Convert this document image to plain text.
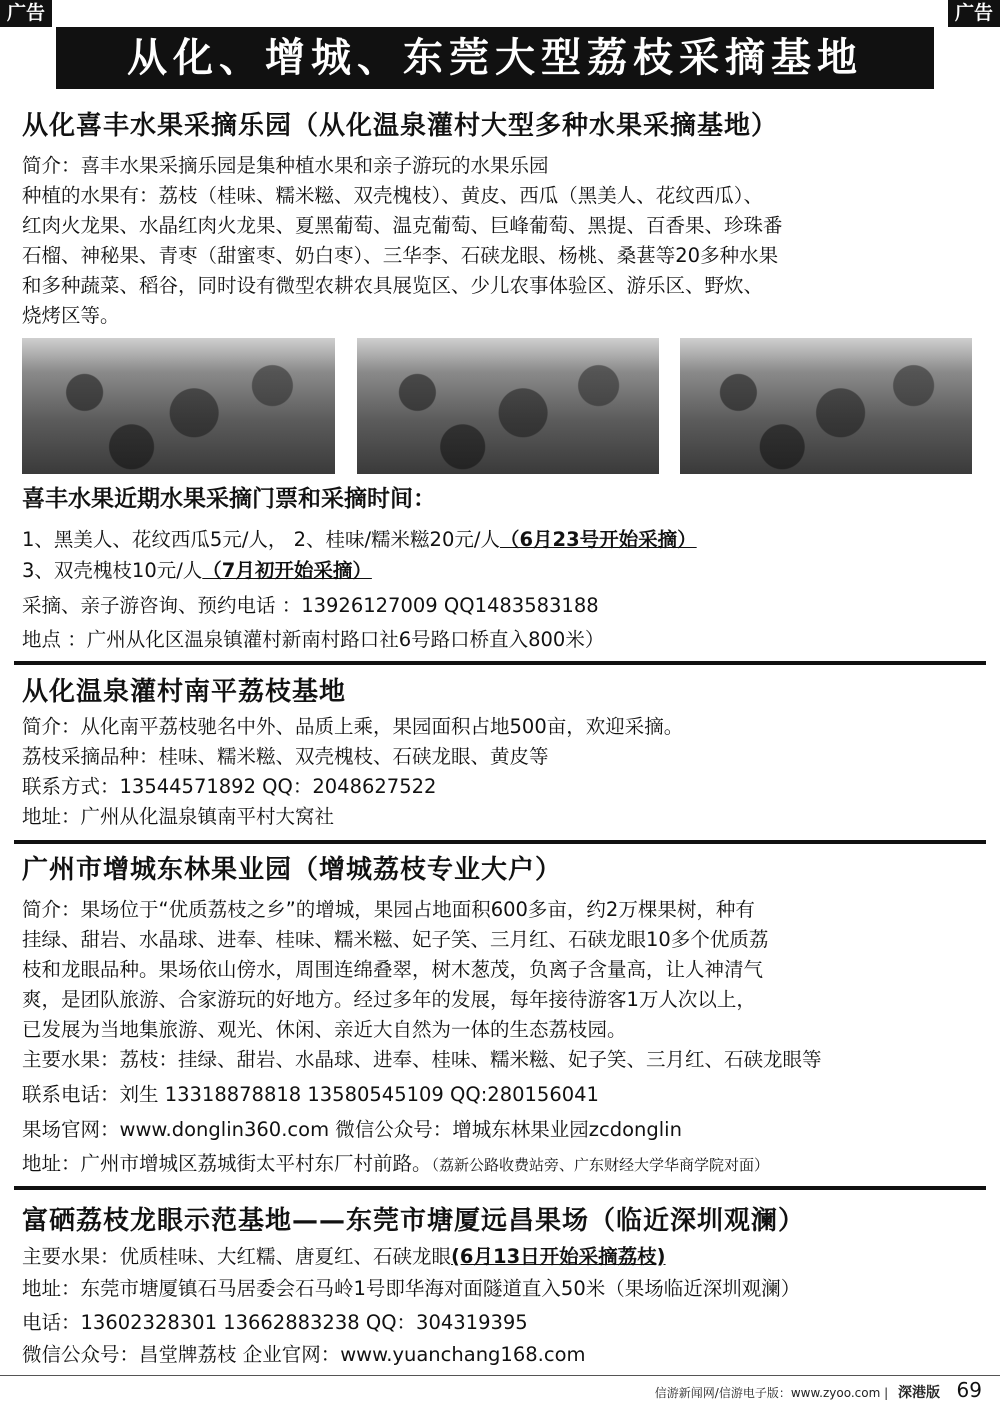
广告	广告
从化、增城、东莞大型荔枝采摘基地
从化喜丰水果采摘乐园（从化温泉灌村大型多种水果采摘基地）
简介：喜丰水果采摘乐园是集种植水果和亲子游玩的水果乐园
种植的水果有：荔枝（桂味、糯米糍、双壳槐枝）、黄皮、西瓜（黑美人、花纹西瓜）、
红肉火龙果、水晶红肉火龙果、夏黑葡萄、温克葡萄、巨峰葡萄、黑提、百香果、珍珠番
石榴、神秘果、青枣（甜蜜枣、奶白枣）、三华李、石硖龙眼、杨桃、桑葚等20多种水果
和多种蔬菜、稻谷，同时设有微型农耕农具展览区、少儿农事体验区、游乐区、野炊、
烧烤区等。
喜丰水果近期水果采摘门票和采摘时间：
1、黑美人、花纹西瓜5元/人， 2、桂味/糯米糍20元/人（6月23号开始采摘）
3、双壳槐枝10元/人（7月初开始采摘）
采摘、亲子游咨询、预约电话 ：13926127009 QQ1483583188
地点 ：广州从化区温泉镇灌村新南村路口社6号路口桥直入800米）
从化温泉灌村南平荔枝基地
简介：从化南平荔枝驰名中外、品质上乘，果园面积占地500亩，欢迎采摘。
荔枝采摘品种：桂味、糯米糍、双壳槐枝、石硖龙眼、黄皮等
联系方式：13544571892 QQ：2048627522
地址：广州从化温泉镇南平村大窝社
广州市增城东林果业园（增城荔枝专业大户）
简介：果场位于“优质荔枝之乡”的增城，果园占地面积600多亩，约2万棵果树，种有
挂绿、甜岩、水晶球、进奉、桂味、糯米糍、妃子笑、三月红、石硖龙眼10多个优质荔
枝和龙眼品种。果场依山傍水，周围连绵叠翠，树木葱茂，负离子含量高，让人神清气
爽，是团队旅游、合家游玩的好地方。经过多年的发展，每年接待游客1万人次以上，
已发展为当地集旅游、观光、休闲、亲近大自然为一体的生态荔枝园。
主要水果：荔枝：挂绿、甜岩、水晶球、进奉、桂味、糯米糍、妃子笑、三月红、石硖龙眼等
联系电话：刘生 13318878818 13580545109 QQ:280156041
果场官网：www.donglin360.com 微信公众号：增城东林果业园zcdonglin
地址：广州市增城区荔城街太平村东厂村前路。（荔新公路收费站旁、广东财经大学华商学院对面）
富硒荔枝龙眼示范基地——东莞市塘厦远昌果场（临近深圳观澜）
主要水果：优质桂味、大红糯、唐夏红、石硖龙眼(6月13日开始采摘荔枝)
地址：东莞市塘厦镇石马居委会石马岭1号即华海对面隧道直入50米（果场临近深圳观澜）
电话：13602328301 13662883238 QQ：304319395
微信公众号：昌堂牌荔枝 企业官网：www.yuanchang168.com
信游新闻网/信游电子版：www.zyoo.com | 深港版 69
